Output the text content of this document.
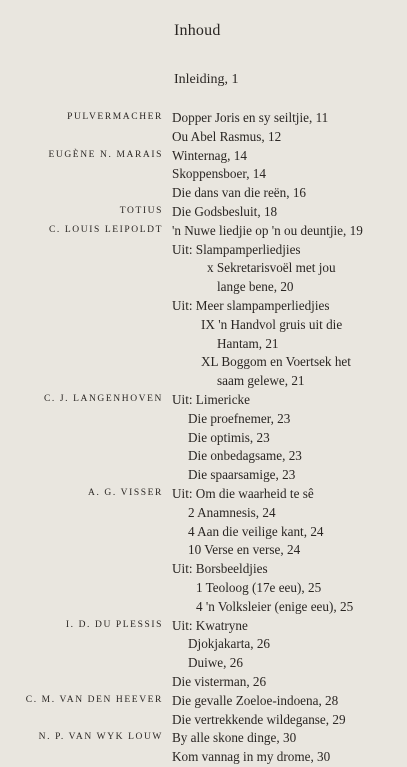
Inhoud
Inleiding, 1
PULVERMACHER Dopper Joris en sy seiltjie, 11
Ou Abel Rasmus, 12
EUGÈNE N. MARAIS Winternag, 14
Skoppensboer, 14
Die dans van die reën, 16
TOTIUS Die Godsbesluit, 18
C. LOUIS LEIPOLDT 'n Nuwe liedjie op 'n ou deuntjie, 19
Uit: Slampamperliedjies
x Sekretarisvoël met jou
lange bene, 20
Uit: Meer slampamperliedjies
IX 'n Handvol gruis uit die
Hantam, 21
XL Boggom en Voertsek het
saam gelewe, 21
C. J. LANGENHOVEN Uit: Limericke
Die proefnemer, 23
Die optimis, 23
Die onbedagsame, 23
Die spaarsamige, 23
A. G. VISSER Uit: Om die waarheid te sê
2 Anamnesis, 24
4 Aan die veilige kant, 24
10 Verse en verse, 24
Uit: Borsbeeldjies
1 Teoloog (17e eeu), 25
4 'n Volksleier (enige eeu), 25
I. D. DU PLESSIS Uit: Kwatryne
Djokjakarta, 26
Duiwe, 26
Die visterman, 26
C. M. VAN DEN HEEVER Die gevalle Zoeloe-indoena, 28
Die vertrekkende wildeganse, 29
N. P. VAN WYK LOUW By alle skone dinge, 30
Kom vannag in my drome, 30
